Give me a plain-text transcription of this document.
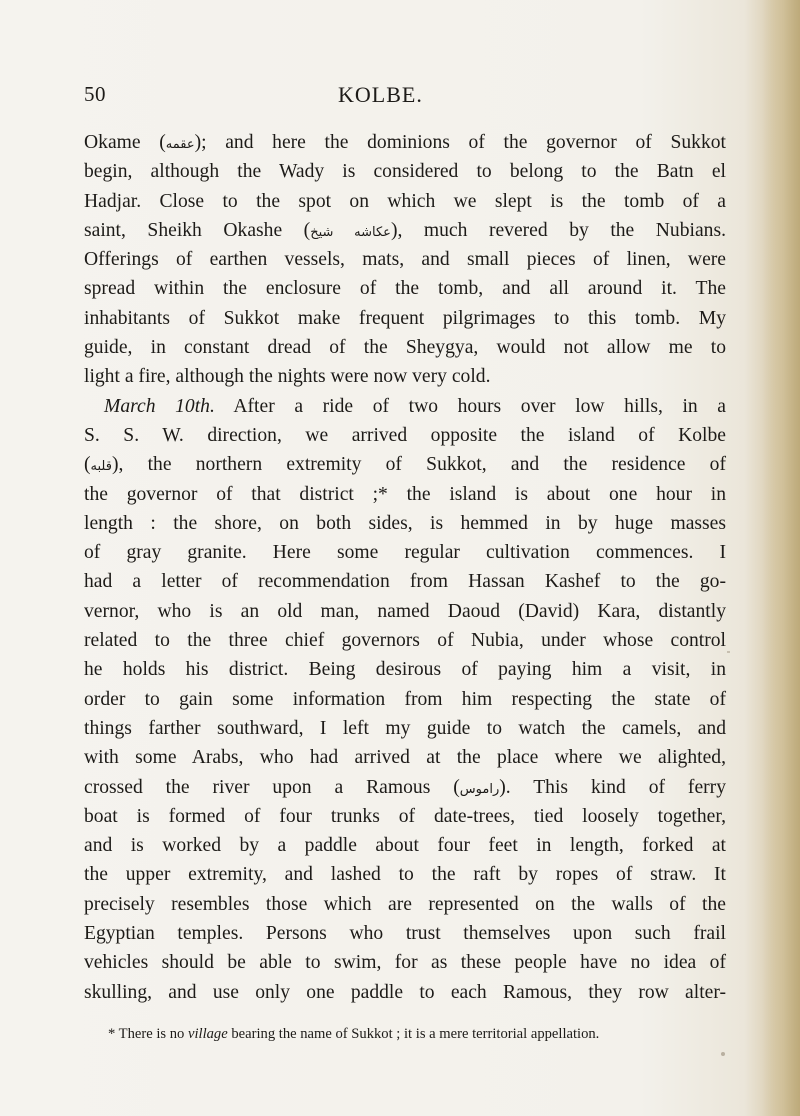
50	KOLBE.
Okame (عقمه); and here the dominions of the governor of Sukkot
begin, although the Wady is considered to belong to the Batn el
Hadjar. Close to the spot on which we slept is the tomb of a
saint, Sheikh Okashe (عكاشه شيخ), much revered by the Nubians.
Offerings of earthen vessels, mats, and small pieces of linen, were
spread within the enclosure of the tomb, and all around it. The
inhabitants of Sukkot make frequent pilgrimages to this tomb. My
guide, in constant dread of the Sheygya, would not allow me to
light a fire, although the nights were now very cold.
March 10th. After a ride of two hours over low hills, in a
S. S. W. direction, we arrived opposite the island of Kolbe
(قلبه), the northern extremity of Sukkot, and the residence of
the governor of that district ;* the island is about one hour in
length : the shore, on both sides, is hemmed in by huge masses
of gray granite. Here some regular cultivation commences. I
had a letter of recommendation from Hassan Kashef to the go-
vernor, who is an old man, named Daoud (David) Kara, distantly
related to the three chief governors of Nubia, under whose control
he holds his district. Being desirous of paying him a visit, in
order to gain some information from him respecting the state of
things farther southward, I left my guide to watch the camels, and
with some Arabs, who had arrived at the place where we alighted,
crossed the river upon a Ramous (راموس). This kind of ferry
boat is formed of four trunks of date-trees, tied loosely together,
and is worked by a paddle about four feet in length, forked at
the upper extremity, and lashed to the raft by ropes of straw. It
precisely resembles those which are represented on the walls of the
Egyptian temples. Persons who trust themselves upon such frail
vehicles should be able to swim, for as these people have no idea of
skulling, and use only one paddle to each Ramous, they row alter-
* There is no village bearing the name of Sukkot ; it is a mere territorial appellation.
